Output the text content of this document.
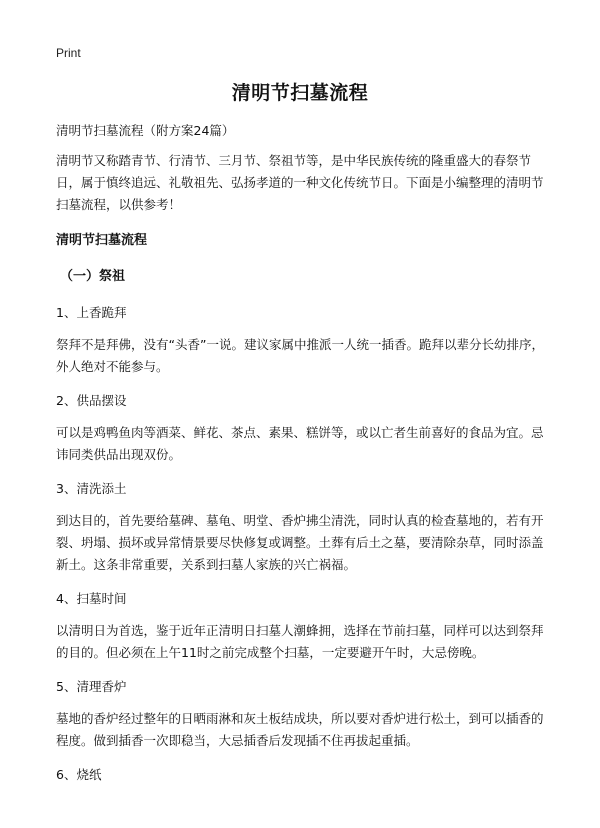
Print
清明节扫墓流程

清明节扫墓流程（附方案24篇）

清明节又称踏青节、行清节、三月节、祭祖节等，是中华民族传统的隆重盛大的春祭节日，属于慎终追远、礼敬祖先、弘扬孝道的一种文化传统节日。下面是小编整理的清明节扫墓流程，以供参考！

清明节扫墓流程
（一）祭祖
1、上香跪拜
祭拜不是拜佛，没有“头香”一说。建议家属中推派一人统一插香。跪拜以辈分长幼排序，外人绝对不能参与。
2、供品摆设
可以是鸡鸭鱼肉等酒菜、鲜花、茶点、素果、糕饼等，或以亡者生前喜好的食品为宜。忌讳同类供品出现双份。
3、清洗添土
到达目的，首先要给墓碑、墓龟、明堂、香炉拂尘清洗，同时认真的检查墓地的，若有开裂、坍塌、损坏或异常情景要尽快修复或调整。土葬有后土之墓，要清除杂草，同时添盖新土。这条非常重要，关系到扫墓人家族的兴亡祸福。
4、扫墓时间
以清明日为首选，鉴于近年正清明日扫墓人潮蜂拥，选择在节前扫墓，同样可以达到祭拜的目的。但必须在上午11时之前完成整个扫墓，一定要避开午时，大忌傍晚。
5、清理香炉
墓地的香炉经过整年的日晒雨淋和灰土板结成块，所以要对香炉进行松土，到可以插香的程度。做到插香一次即稳当，大忌插香后发现插不住再拔起重插。
6、烧纸
